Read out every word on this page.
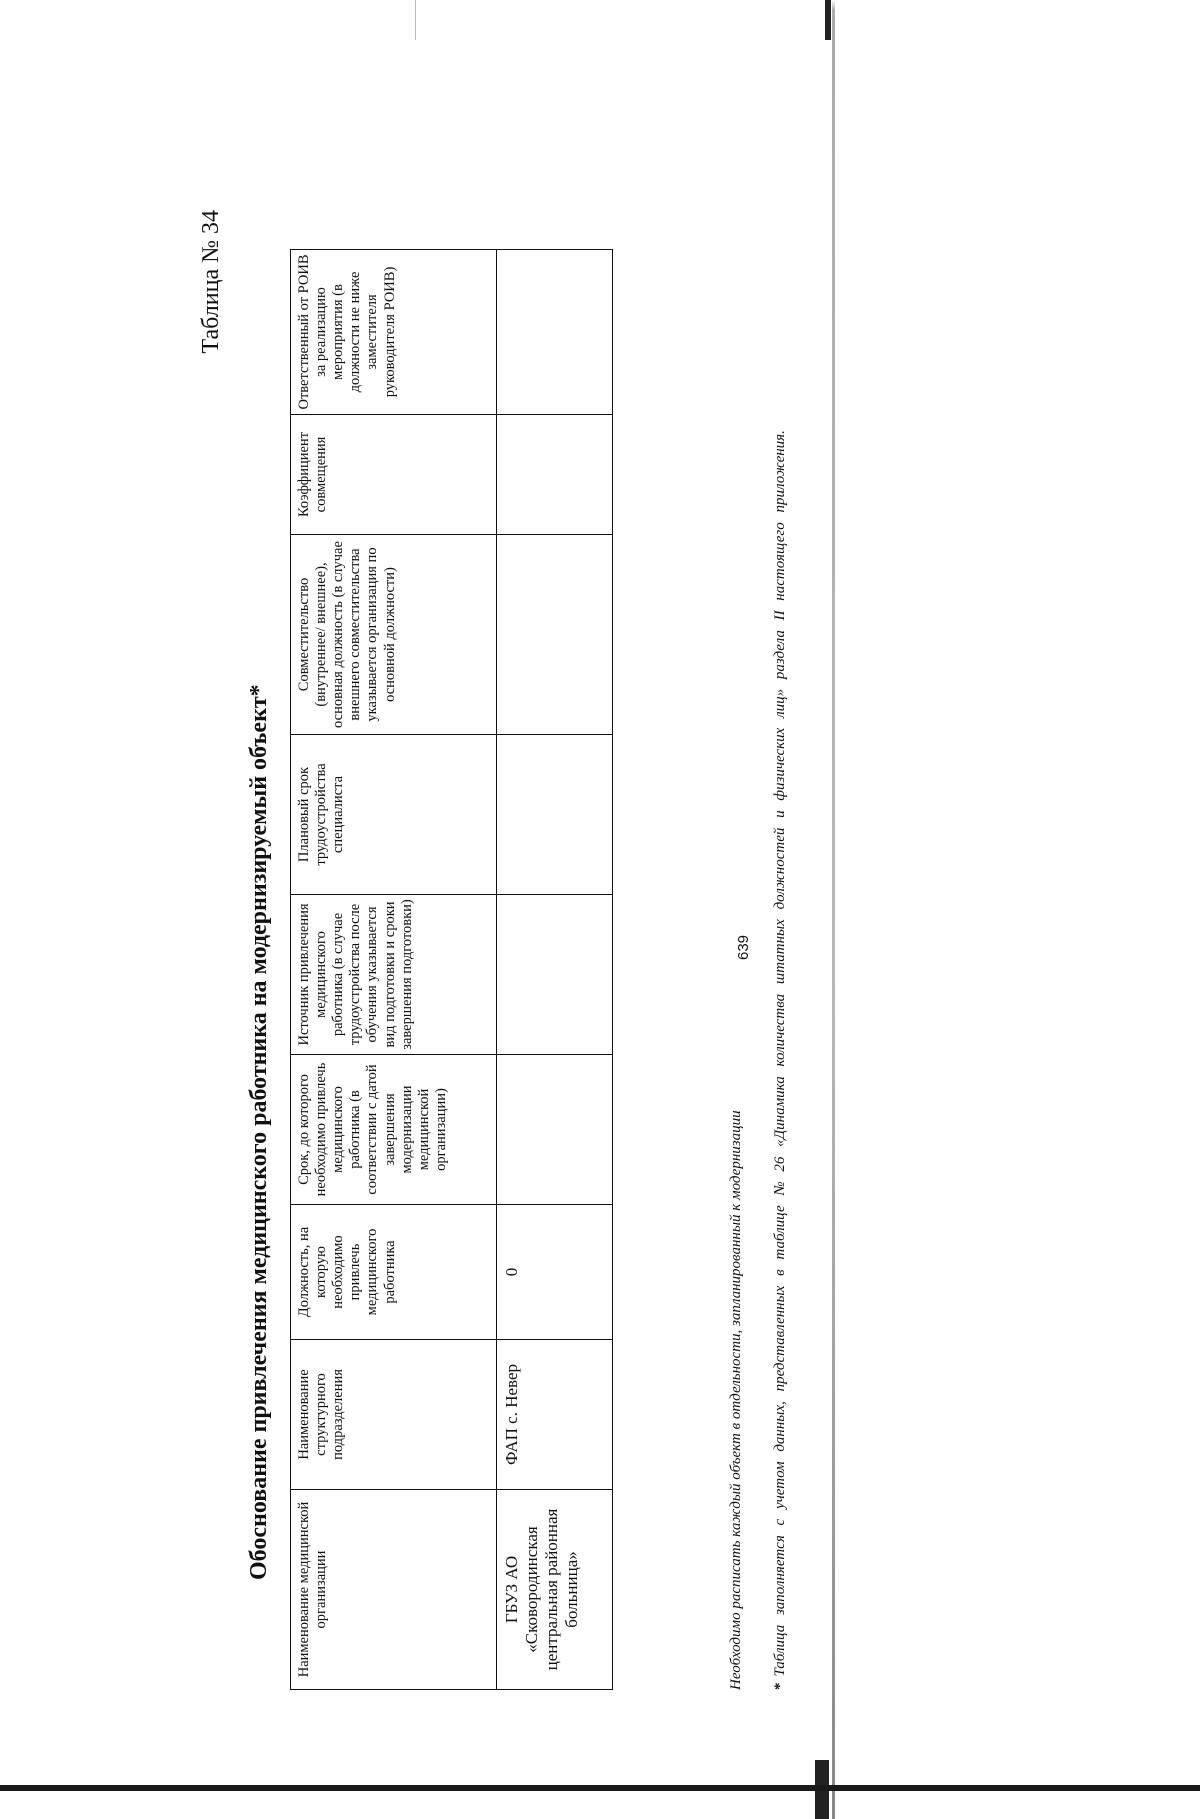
639
Таблица № 34
Обоснование привлечения медицинского работника на модернизируемый объект*
Наименование медицинской организации	Наименование структурного подразделения	Должность, на которую необходимо привлечь медицинского работника	Срок, до которого необходимо привлечь медицинского работника (в соответствии с датой завершения модернизации медицинской организации)	Источник привлечения медицинского работника (в случае трудоустройства после обучения указывается вид подготовки и сроки завершения подготовки)	Плановый срок трудоустройства специалиста	Совместительство (внутреннее/ внешнее), основная должность (в случае внешнего совместительства указывается организация по основной должности)	Коэффициент совмещения	Ответственный от РОИВ за реализацию мероприятия (в должности не ниже заместителя руководителя РОИВ)
ГБУЗ АО «Сковородинская центральная районная больница»	ФАП с. Невер	0							Необходимо расписать каждый объект в отдельности, запланированный к модернизации *Таблица заполняется с учетом данных, представленных в таблице № 26 «Динамика количества штатных должностей и физических лиц» раздела II настоящего приложения.
